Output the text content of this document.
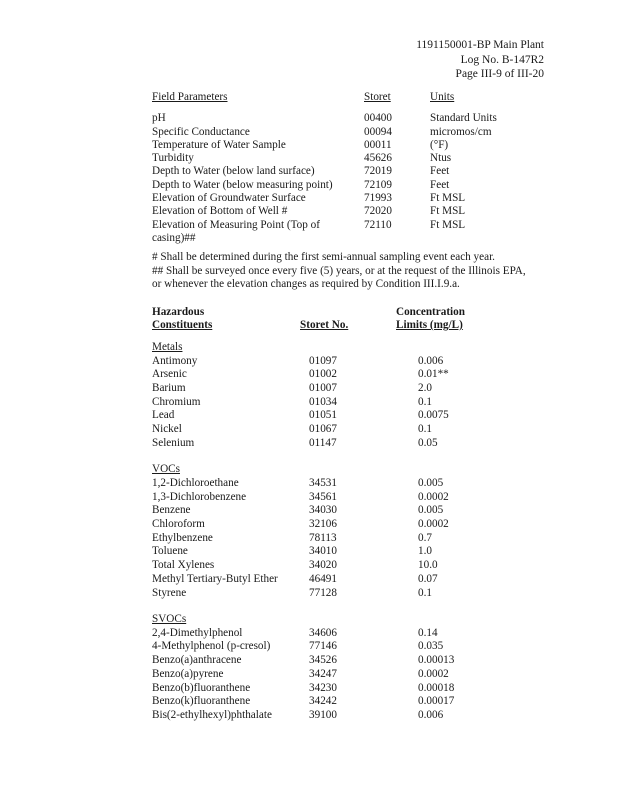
1191150001-BP Main Plant
Log No. B-147R2
Page III-9 of III-20
Field Parameters	Storet	Units
pH	00400	Standard Units
Specific Conductance	00094	micromos/cm
Temperature of Water Sample	00011	(°F)
Turbidity	45626	Ntus
Depth to Water (below land surface)	72019	Feet
Depth to Water (below measuring point)	72109	Feet
Elevation of Groundwater Surface	71993	Ft MSL
Elevation of Bottom of Well #	72020	Ft MSL
Elevation of Measuring Point (Top of	72110	Ft MSL
casing)##

# Shall be determined during the first semi-annual sampling event each year.

## Shall be surveyed once every five (5) years, or at the request of the Illinois EPA, or whenever the elevation changes as required by Condition III.I.9.a.

Hazardous	Concentration
Constituents	Storet No.	Limits (mg/L)
Metals
Antimony	01097	0.006
Arsenic	01002	0.01**
Barium	01007	2.0
Chromium	01034	0.1
Lead	01051	0.0075
Nickel	01067	0.1
Selenium	01147	0.05
VOCs
1,2-Dichloroethane	34531	0.005
1,3-Dichlorobenzene	34561	0.0002
Benzene	34030	0.005
Chloroform	32106	0.0002
Ethylbenzene	78113	0.7
Toluene	34010	1.0
Total Xylenes	34020	10.0
Methyl Tertiary-Butyl Ether	46491	0.07
Styrene	77128	0.1
SVOCs
2,4-Dimethylphenol	34606	0.14
4-Methylphenol (p-cresol)	77146	0.035
Benzo(a)anthracene	34526	0.00013
Benzo(a)pyrene	34247	0.0002
Benzo(b)fluoranthene	34230	0.00018
Benzo(k)fluoranthene	34242	0.00017
Bis(2-ethylhexyl)phthalate	39100	0.006
